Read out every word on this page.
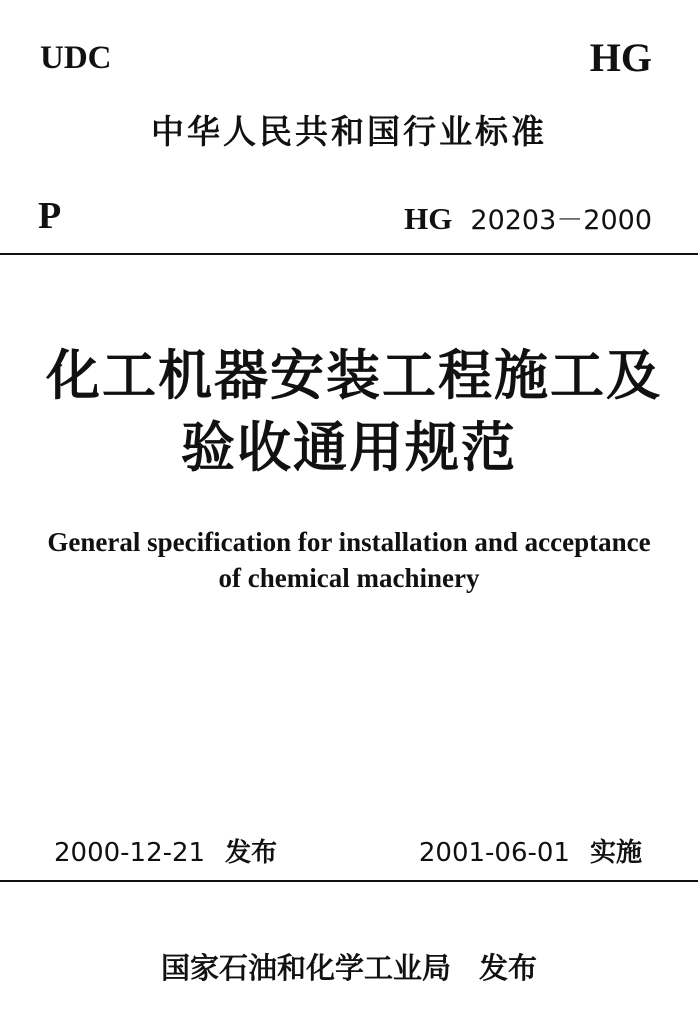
UDC	HG
中华人民共和国行业标准
P	HG 20203－2000
化工机器安装工程施工及
验收通用规范
General specification for installation and acceptance
of chemical machinery
2000-12-21 发布	2001-06-01 实施
国家石油和化学工业局 发布
